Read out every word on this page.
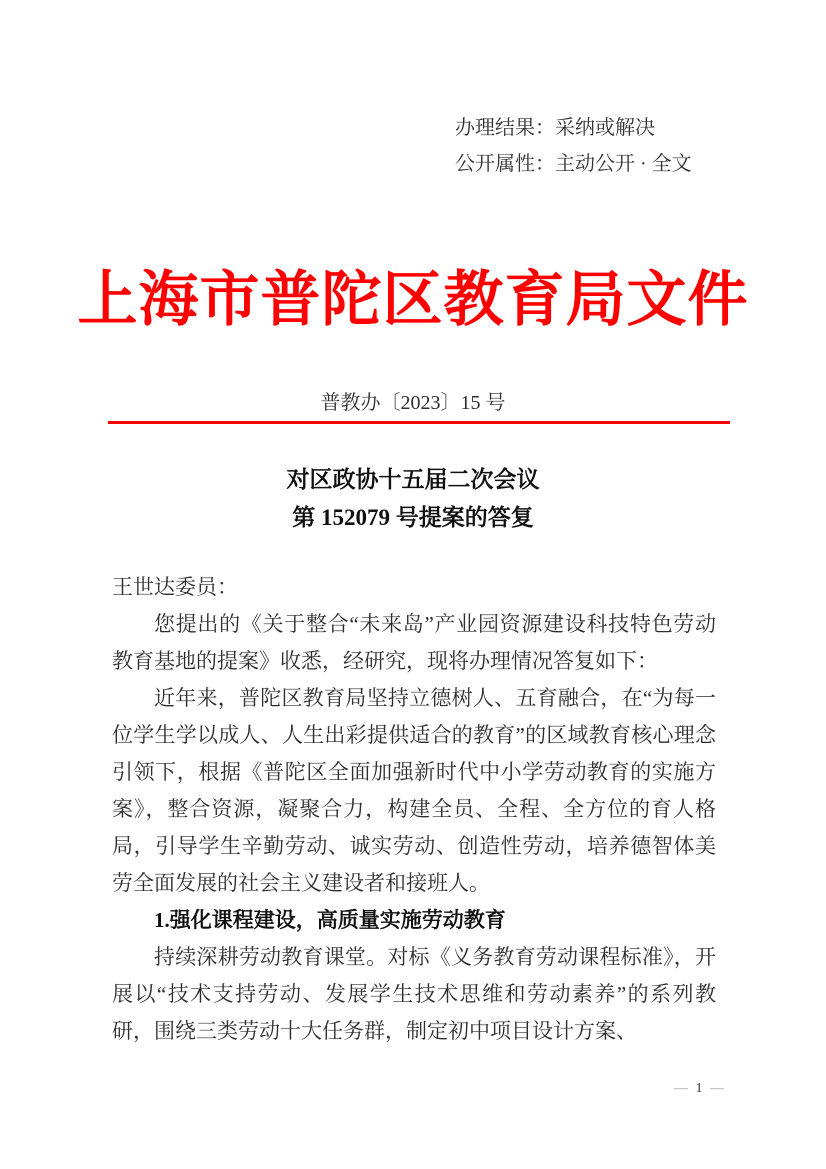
办理结果：采纳或解决
公开属性：主动公开 · 全文
上海市普陀区教育局文件
普教办〔2023〕15 号
对区政协十五届二次会议
第 152079 号提案的答复

王世达委员：

您提出的《关于整合“未来岛”产业园资源建设科技特色劳动教育基地的提案》收悉，经研究，现将办理情况答复如下：

近年来，普陀区教育局坚持立德树人、五育融合，在“为每一位学生学以成人、人生出彩提供适合的教育”的区域教育核心理念引领下，根据《普陀区全面加强新时代中小学劳动教育的实施方案》，整合资源，凝聚合力，构建全员、全程、全方位的育人格局，引导学生辛勤劳动、诚实劳动、创造性劳动，培养德智体美劳全面发展的社会主义建设者和接班人。

1.强化课程建设，高质量实施劳动教育

持续深耕劳动教育课堂。对标《义务教育劳动课程标准》，开展以“技术支持劳动、发展学生技术思维和劳动素养”的系列教研，围绕三类劳动十大任务群，制定初中项目设计方案、

— 1 —
